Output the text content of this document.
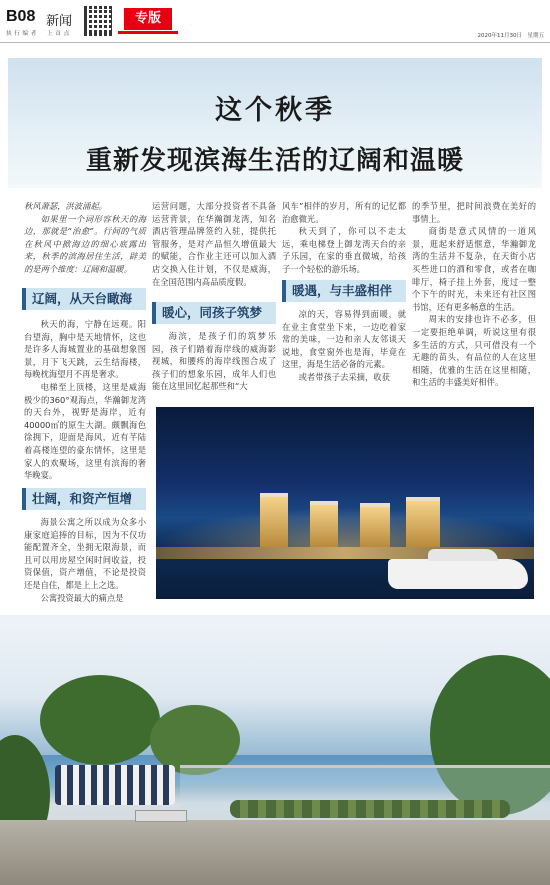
B08 新闻
执 行 编 者 　 上 首 点
专版
2020年11月30日　星期五
这个秋季
重新发现滨海生活的辽阔和温暖

秋风萧瑟，洪波涌起。

如果里一个词形容秋天的海边，那就是“治愈”。行间的气质在秋风中掀海边的细心底露出来，秋季的滨海居住生活，辟美的是两个维度：辽阔和温暖。

辽阔，从天台瞰海

秋天的海，宁静在远观。阳台望海，胸中是天地情怀，这也是许多人海城置业的基础想象图景，月下飞天跳，云生结海楼，每晚枕海望月不再是奢求。

电梯至上顶楼，这里是威海极少的360°观海点，华瀚御龙湾的天台外，视野是海岸，近有40000㎡的原生大湖。颇飘海色徐拥下，迎面是海风，近有芊陆着高楼连望的豪东情怀，这里是家人的欢聚场，这里有滨海的奢华晚宴。

壮阔，和资产恒增

海景公寓之所以成为众多小康家庭追捧的目标，因为不仅功能配置齐全，坐拥无限海景，而且可以用房屋空闲时间收益，投资保值，资产增值，不论是投资还是自住，都是上上之选。

公寓投资最大的痛点是

运营问题，大部分投资者不具备运营背景，在华瀚御龙湾，知名酒店管理品牌签约入驻，提供托管服务，是对产品恒久增值最大的赋能，合作业主还可以加入酒店交换入住计划，不仅是威海，在全国范围内高品质度假。

暖心，同孩子筑梦

海滨，是孩子们的筑梦乐园，孩子们踏着海岸线的威海影视城，和腰疼的海岸线图合成了孩子们的想象乐园，成年人们也能在这里回忆起那些和“大

风车”相伴的岁月，所有的记忆都治愈微光。

秋天到了，你可以不走太远，乘电梯登上御龙湾天台的亲子乐园，在家的垂直微城，给孩子一个轻松的游乐场。

暖遇，与丰盛相伴

凉的天，容易得到面暖，就在业主食堂坐下来，一边吃着家常的美味，一边和亲人友邻谈天说地，食堂窗外也是海，毕竟在这里，海是生活必备的元素。

或者带孩子去采摘，收获

的季节里，把时间浪费在美好的事情上。

商街是意式风情的一道风景，逛起来舒适惬意，华瀚御龙湾的生活并不复杂，在天街小店买些进口的酒和零食，或者在咖啡厅，椅子挂上外套，度过一整个下午的时光，未来还有社区图书馆，还有更多畅意的生活。

周末的安排也许不必多，但一定要拒绝单调，听说这里有很多生活的方式，只可借没有一个无趣的苗头，有品位的人在这里相随，优雅的生活在这里相随，和生活的丰盛美好相伴。
